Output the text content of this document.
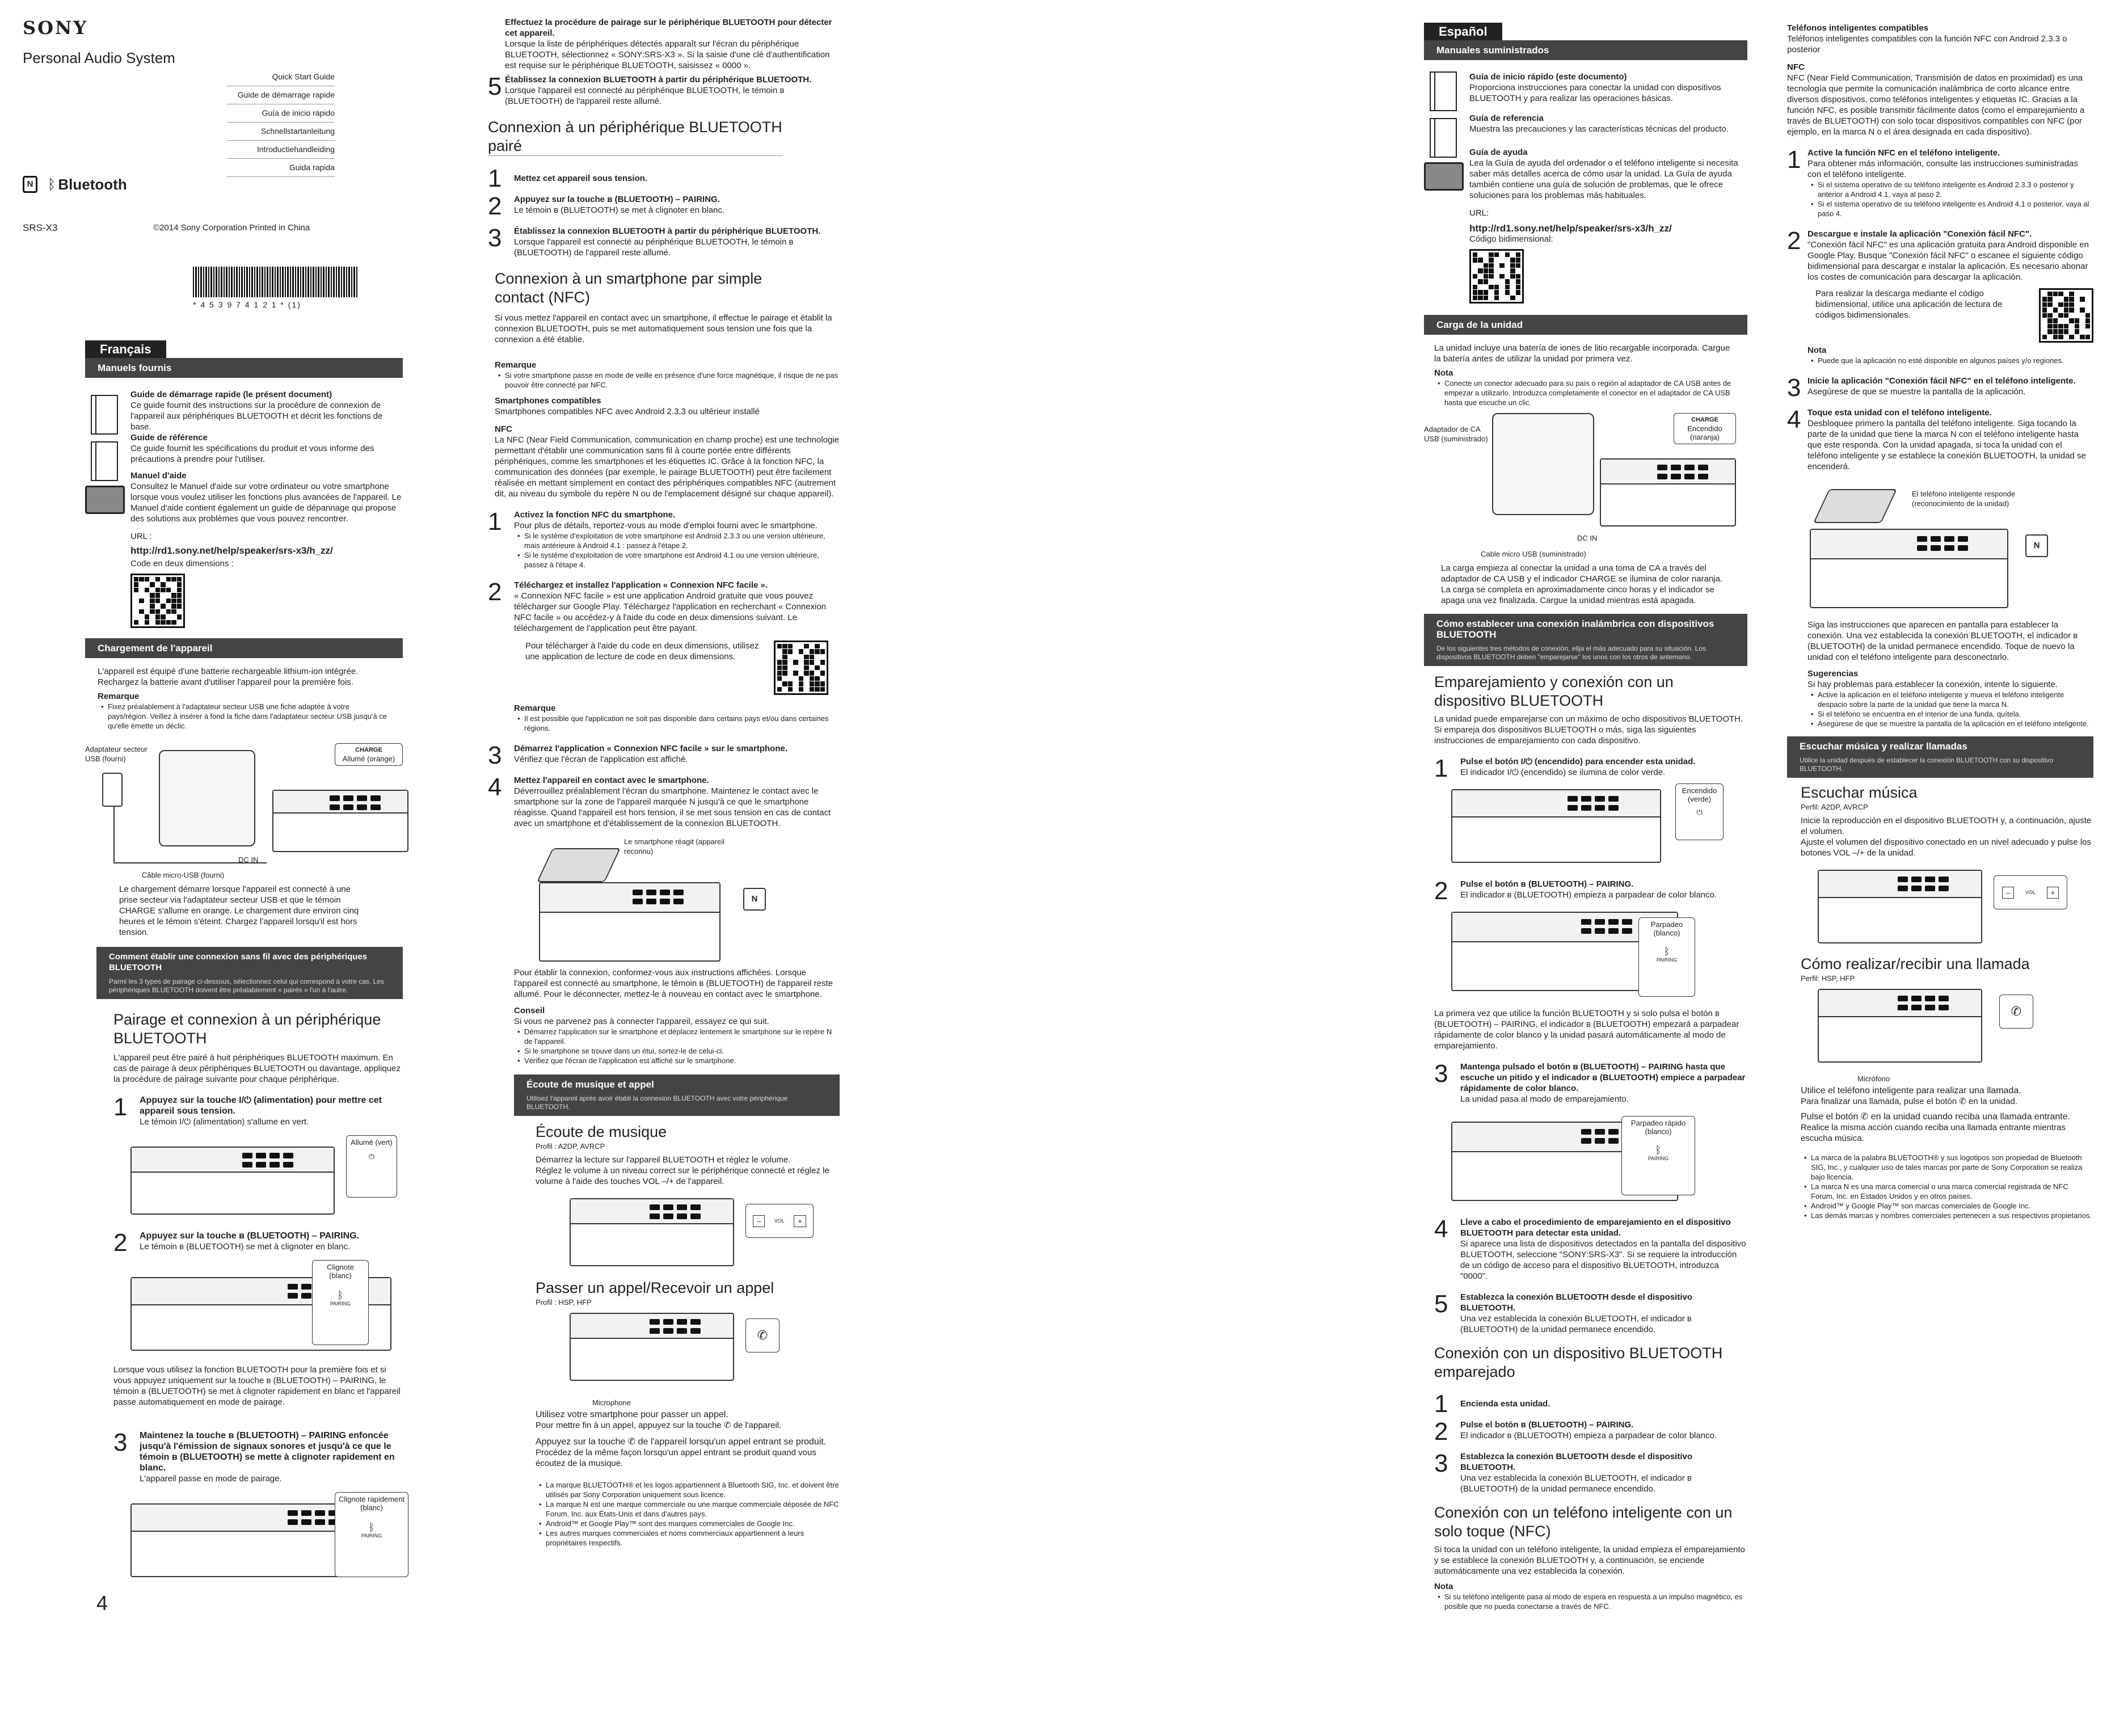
SONY
Personal Audio System
Quick Start Guide
Guide de démarrage rapide
Guía de inicio rápido
Schnellstartanleitung
Introductiehandleiding
Guida rapida
N	ᛒ Bluetooth
SRS-X3	©2014 Sony Corporation Printed in China
* 4 5 3 9 7 4 1 2 1 * (1)
Français
Manuels fournis
Guide de démarrage rapide (le présent document)
Ce guide fournit des instructions sur la procédure de connexion de l'appareil aux périphériques BLUETOOTH et décrit les fonctions de base.
Guide de référence
Ce guide fournit les spécifications du produit et vous informe des précautions à prendre pour l'utiliser.
Manuel d'aide
Consultez le Manuel d'aide sur votre ordinateur ou votre smartphone lorsque vous voulez utiliser les fonctions plus avancées de l'appareil. Le Manuel d'aide contient également un guide de dépannage qui propose des solutions aux problèmes que vous pouvez rencontrer.
URL :
http://rd1.sony.net/help/speaker/srs-x3/h_zz/
Code en deux dimensions :
Chargement de l'appareil
L'appareil est équipé d'une batterie rechargeable lithium-ion intégrée. Rechargez la batterie avant d'utiliser l'appareil pour la première fois.
Remarque
• Fixez préalablement à l'adaptateur secteur USB une fiche adaptée à votre pays/région. Veillez à insérer à fond la fiche dans l'adaptateur secteur USB jusqu'à ce qu'elle émette un déclic.
Adaptateur secteur USB (fourni)
CHARGE
Allumé (orange)
DC IN
Câble micro-USB (fourni)
Le chargement démarre lorsque l'appareil est connecté à une prise secteur via l'adaptateur secteur USB et que le témoin CHARGE s'allume en orange. Le chargement dure environ cinq heures et le témoin s'éteint. Chargez l'appareil lorsqu'il est hors tension.
Comment établir une connexion sans fil avec des périphériques BLUETOOTH
Parmi les 3 types de pairage ci-dessous, sélectionnez celui qui correspond à votre cas. Les périphériques BLUETOOTH doivent être préalablement « pairés » l'un à l'autre.
Pairage et connexion à un périphérique BLUETOOTH
L'appareil peut être pairé à huit périphériques BLUETOOTH maximum. En cas de pairage à deux périphériques BLUETOOTH ou davantage, appliquez la procédure de pairage suivante pour chaque périphérique.
1 Appuyez sur la touche I/⏻ (alimentation) pour mettre cet appareil sous tension.
Le témoin I/⏻ (alimentation) s'allume en vert.
Allumé (vert)
⏻
2 Appuyez sur la touche ʙ (BLUETOOTH) – PAIRING.
Le témoin ʙ (BLUETOOTH) se met à clignoter en blanc.
Clignote (blanc)
ᛒ
PAIRING
Lorsque vous utilisez la fonction BLUETOOTH pour la première fois et si vous appuyez uniquement sur la touche ʙ (BLUETOOTH) – PAIRING, le témoin ʙ (BLUETOOTH) se met à clignoter rapidement en blanc et l'appareil passe automatiquement en mode de pairage.
3 Maintenez la touche ʙ (BLUETOOTH) – PAIRING enfoncée jusqu'à l'émission de signaux sonores et jusqu'à ce que le témoin ʙ (BLUETOOTH) se mette à clignoter rapidement en blanc.
L'appareil passe en mode de pairage.
Clignote rapidement (blanc)
ᛒ
PAIRING
4
Effectuez la procédure de pairage sur le périphérique BLUETOOTH pour détecter cet appareil.
Lorsque la liste de périphériques détectés apparaît sur l'écran du périphérique BLUETOOTH, sélectionnez « SONY:SRS-X3 ». Si la saisie d'une clé d'authentification est requise sur le périphérique BLUETOOTH, saisissez « 0000 ».
5 Établissez la connexion BLUETOOTH à partir du périphérique BLUETOOTH.
Lorsque l'appareil est connecté au périphérique BLUETOOTH, le témoin ʙ (BLUETOOTH) de l'appareil reste allumé.
Connexion à un périphérique BLUETOOTH pairé
1 Mettez cet appareil sous tension.
2 Appuyez sur la touche ʙ (BLUETOOTH) – PAIRING.
Le témoin ʙ (BLUETOOTH) se met à clignoter en blanc.
3 Établissez la connexion BLUETOOTH à partir du périphérique BLUETOOTH.
Lorsque l'appareil est connecté au périphérique BLUETOOTH, le témoin ʙ (BLUETOOTH) de l'appareil reste allumé.
Connexion à un smartphone par simple contact (NFC)
Si vous mettez l'appareil en contact avec un smartphone, il effectue le pairage et établit la connexion BLUETOOTH, puis se met automatiquement sous tension une fois que la connexion a été établie.
Remarque
• Si votre smartphone passe en mode de veille en présence d'une force magnétique, il risque de ne pas pouvoir être connecté par NFC.
Smartphones compatibles
Smartphones compatibles NFC avec Android 2.3.3 ou ultérieur installé
NFC
La NFC (Near Field Communication, communication en champ proche) est une technologie permettant d'établir une communication sans fil à courte portée entre différents périphériques, comme les smartphones et les étiquettes IC. Grâce à la fonction NFC, la communication des données (par exemple, le pairage BLUETOOTH) peut être facilement réalisée en mettant simplement en contact des périphériques compatibles NFC (autrement dit, au niveau du symbole du repère N ou de l'emplacement désigné sur chaque appareil).
1 Activez la fonction NFC du smartphone.
Pour plus de détails, reportez-vous au mode d'emploi fourni avec le smartphone.
• Si le système d'exploitation de votre smartphone est Android 2.3.3 ou une version ultérieure, mais antérieure à Android 4.1 : passez à l'étape 2.
• Si le système d'exploitation de votre smartphone est Android 4.1 ou une version ultérieure, passez à l'étape 4.
2 Téléchargez et installez l'application « Connexion NFC facile ».
« Connexion NFC facile » est une application Android gratuite que vous pouvez télécharger sur Google Play. Téléchargez l'application en recherchant « Connexion NFC facile » ou accédez-y à l'aide du code en deux dimensions suivant. Le téléchargement de l'application peut être payant.
Pour télécharger à l'aide du code en deux dimensions, utilisez une application de lecture de code en deux dimensions.
Remarque
• Il est possible que l'application ne soit pas disponible dans certains pays et/ou dans certaines régions.
3 Démarrez l'application « Connexion NFC facile » sur le smartphone.
Vérifiez que l'écran de l'application est affiché.
4 Mettez l'appareil en contact avec le smartphone.
Déverrouillez préalablement l'écran du smartphone. Maintenez le contact avec le smartphone sur la zone de l'appareil marquée N jusqu'à ce que le smartphone réagisse. Quand l'appareil est hors tension, il se met sous tension en cas de contact avec un smartphone et d'établissement de la connexion BLUETOOTH.
Le smartphone réagit (appareil reconnu)
N
Pour établir la connexion, conformez-vous aux instructions affichées. Lorsque l'appareil est connecté au smartphone, le témoin ʙ (BLUETOOTH) de l'appareil reste allumé. Pour le déconnecter, mettez-le à nouveau en contact avec le smartphone.
Conseil
Si vous ne parvenez pas à connecter l'appareil, essayez ce qui suit.
• Démarrez l'application sur le smartphone et déplacez lentement le smartphone sur le repère N de l'appareil.
• Si le smartphone se trouve dans un étui, sortez-le de celui-ci.
• Vérifiez que l'écran de l'application est affiché sur le smartphone.
Écoute de musique et appel
Utilisez l'appareil après avoir établi la connexion BLUETOOTH avec votre périphérique BLUETOOTH.
Écoute de musique
Profil : A2DP, AVRCP
Démarrez la lecture sur l'appareil BLUETOOTH et réglez le volume.
Réglez le volume à un niveau correct sur le périphérique connecté et réglez le volume à l'aide des touches VOL –/+ de l'appareil.
–	VOL	+
Passer un appel/Recevoir un appel
Profil : HSP, HFP
✆
Microphone
Utilisez votre smartphone pour passer un appel.
Pour mettre fin à un appel, appuyez sur la touche ✆ de l'appareil.
Appuyez sur la touche ✆ de l'appareil lorsqu'un appel entrant se produit.
Procédez de la même façon lorsqu'un appel entrant se produit quand vous écoutez de la musique.
• La marque BLUETOOTH® et les logos appartiennent à Bluetooth SIG, Inc. et doivent être utilisés par Sony Corporation uniquement sous licence.
• La marque N est une marque commerciale ou une marque commerciale déposée de NFC Forum, Inc. aux États-Unis et dans d'autres pays.
• Android™ et Google Play™ sont des marques commerciales de Google Inc.
• Les autres marques commerciales et noms commerciaux appartiennent à leurs propriétaires respectifs.
Español
Manuales suministrados
Guía de inicio rápido (este documento)
Proporciona instrucciones para conectar la unidad con dispositivos BLUETOOTH y para realizar las operaciones básicas.
Guía de referencia
Muestra las precauciones y las características técnicas del producto.
Guía de ayuda
Lea la Guía de ayuda del ordenador o el teléfono inteligente si necesita saber más detalles acerca de cómo usar la unidad. La Guía de ayuda también contiene una guía de solución de problemas, que le ofrece soluciones para los problemas más habituales.
URL:
http://rd1.sony.net/help/speaker/srs-x3/h_zz/
Código bidimensional:
Carga de la unidad
La unidad incluye una batería de iones de litio recargable incorporada. Cargue la batería antes de utilizar la unidad por primera vez.
Nota
• Conecte un conector adecuado para su país o región al adaptador de CA USB antes de empezar a utilizarlo. Introduzca completamente el conector en el adaptador de CA USB hasta que escuche un clic.
Adaptador de CA USB (suministrado)
CHARGE
Encendido (naranja)
DC IN
Cable micro USB (suministrado)
La carga empieza al conectar la unidad a una toma de CA a través del adaptador de CA USB y el indicador CHARGE se ilumina de color naranja. La carga se completa en aproximadamente cinco horas y el indicador se apaga una vez finalizada. Cargue la unidad mientras está apagada.
Cómo establecer una conexión inalámbrica con dispositivos BLUETOOTH
De los siguientes tres métodos de conexión, elija el más adecuado para su situación. Los dispositivos BLUETOOTH deben "emparejarse" los unos con los otros de antemano.
Emparejamiento y conexión con un dispositivo BLUETOOTH
La unidad puede emparejarse con un máximo de ocho dispositivos BLUETOOTH. Si empareja dos dispositivos BLUETOOTH o más, siga las siguientes instrucciones de emparejamiento con cada dispositivo.
1 Pulse el botón I/⏻ (encendido) para encender esta unidad.
El indicador I/⏻ (encendido) se ilumina de color verde.
Encendido (verde)
⏻
2 Pulse el botón ʙ (BLUETOOTH) – PAIRING.
El indicador ʙ (BLUETOOTH) empieza a parpadear de color blanco.
Parpadeo (blanco)
ᛒ
PAIRING
La primera vez que utilice la función BLUETOOTH y si solo pulsa el botón ʙ (BLUETOOTH) – PAIRING, el indicador ʙ (BLUETOOTH) empezará a parpadear rápidamente de color blanco y la unidad pasará automáticamente al modo de emparejamiento.
3 Mantenga pulsado el botón ʙ (BLUETOOTH) – PAIRING hasta que escuche un pitido y el indicador ʙ (BLUETOOTH) empiece a parpadear rápidamente de color blanco.
La unidad pasa al modo de emparejamiento.
Parpadeo rápido (blanco)
ᛒ
PAIRING
4 Lleve a cabo el procedimiento de emparejamiento en el dispositivo BLUETOOTH para detectar esta unidad.
Si aparece una lista de dispositivos detectados en la pantalla del dispositivo BLUETOOTH, seleccione "SONY:SRS-X3". Si se requiere la introducción de un código de acceso para el dispositivo BLUETOOTH, introduzca "0000".
5 Establezca la conexión BLUETOOTH desde el dispositivo BLUETOOTH.
Una vez establecida la conexión BLUETOOTH, el indicador ʙ (BLUETOOTH) de la unidad permanece encendido.
Conexión con un dispositivo BLUETOOTH emparejado
1 Encienda esta unidad.
2 Pulse el botón ʙ (BLUETOOTH) – PAIRING.
El indicador ʙ (BLUETOOTH) empieza a parpadear de color blanco.
3 Establezca la conexión BLUETOOTH desde el dispositivo BLUETOOTH.
Una vez establecida la conexión BLUETOOTH, el indicador ʙ (BLUETOOTH) de la unidad permanece encendido.
Conexión con un teléfono inteligente con un solo toque (NFC)
Si toca la unidad con un teléfono inteligente, la unidad empieza el emparejamiento y se establece la conexión BLUETOOTH y, a continuación, se enciende automáticamente una vez establecida la conexión.
Nota
• Si su teléfono inteligente pasa al modo de espera en respuesta a un impulso magnético, es posible que no pueda conectarse a través de NFC.
Teléfonos inteligentes compatibles
Teléfonos inteligentes compatibles con la función NFC con Android 2.3.3 o posterior
NFC
NFC (Near Field Communication, Transmisión de datos en proximidad) es una tecnología que permite la comunicación inalámbrica de corto alcance entre diversos dispositivos, como teléfonos inteligentes y etiquetas IC. Gracias a la función NFC, es posible transmitir fácilmente datos (como el emparejamiento a través de BLUETOOTH) con solo tocar dispositivos compatibles con NFC (por ejemplo, en la marca N o el área designada en cada dispositivo).
1 Active la función NFC en el teléfono inteligente.
Para obtener más información, consulte las instrucciones suministradas con el teléfono inteligente.
• Si el sistema operativo de su teléfono inteligente es Android 2.3.3 o posterior y anterior a Android 4.1, vaya al paso 2.
• Si el sistema operativo de su teléfono inteligente es Android 4.1 o posterior, vaya al paso 4.
2 Descargue e instale la aplicación "Conexión fácil NFC".
"Conexión fácil NFC" es una aplicación gratuita para Android disponible en Google Play. Busque "Conexión fácil NFC" o escanee el siguiente código bidimensional para descargar e instalar la aplicación. Es necesario abonar los costes de comunicación para descargar la aplicación.
Para realizar la descarga mediante el código bidimensional, utilice una aplicación de lectura de códigos bidimensionales.
Nota
• Puede que la aplicación no esté disponible en algunos países y/o regiones.
3 Inicie la aplicación "Conexión fácil NFC" en el teléfono inteligente.
Asegúrese de que se muestre la pantalla de la aplicación.
4 Toque esta unidad con el teléfono inteligente.
Desbloquee primero la pantalla del teléfono inteligente. Siga tocando la parte de la unidad que tiene la marca N con el teléfono inteligente hasta que este responda. Con la unidad apagada, si toca la unidad con el teléfono inteligente y se establece la conexión BLUETOOTH, la unidad se encenderá.
El teléfono inteligente responde (reconocimiento de la unidad)
N
Siga las instrucciones que aparecen en pantalla para establecer la conexión. Una vez establecida la conexión BLUETOOTH, el indicador ʙ (BLUETOOTH) de la unidad permanece encendido. Toque de nuevo la unidad con el teléfono inteligente para desconectarlo.
Sugerencias
Si hay problemas para establecer la conexión, intente lo siguiente.
• Active la aplicación en el teléfono inteligente y mueva el teléfono inteligente despacio sobre la parte de la unidad que tiene la marca N.
• Si el teléfono se encuentra en el interior de una funda, quítela.
• Asegúrese de que se muestre la pantalla de la aplicación en el teléfono inteligente.
Escuchar música y realizar llamadas
Utilice la unidad después de establecer la conexión BLUETOOTH con su dispositivo BLUETOOTH.
Escuchar música
Perfil: A2DP, AVRCP
Inicie la reproducción en el dispositivo BLUETOOTH y, a continuación, ajuste el volumen.
Ajuste el volumen del dispositivo conectado en un nivel adecuado y pulse los botones VOL –/+ de la unidad.
–	VOL	+
Cómo realizar/recibir una llamada
Perfil: HSP, HFP
✆
Micrófono
Utilice el teléfono inteligente para realizar una llamada.
Para finalizar una llamada, pulse el botón ✆ en la unidad.
Pulse el botón ✆ en la unidad cuando reciba una llamada entrante.
Realice la misma acción cuando reciba una llamada entrante mientras escucha música.
• La marca de la palabra BLUETOOTH® y sus logotipos son propiedad de Bluetooth SIG, Inc., y cualquier uso de tales marcas por parte de Sony Corporation se realiza bajo licencia.
• La marca N es una marca comercial o una marca comercial registrada de NFC Forum, Inc. en Estados Unidos y en otros países.
• Android™ y Google Play™ son marcas comerciales de Google Inc.
• Las demás marcas y nombres comerciales pertenecen a sus respectivos propietarios.
